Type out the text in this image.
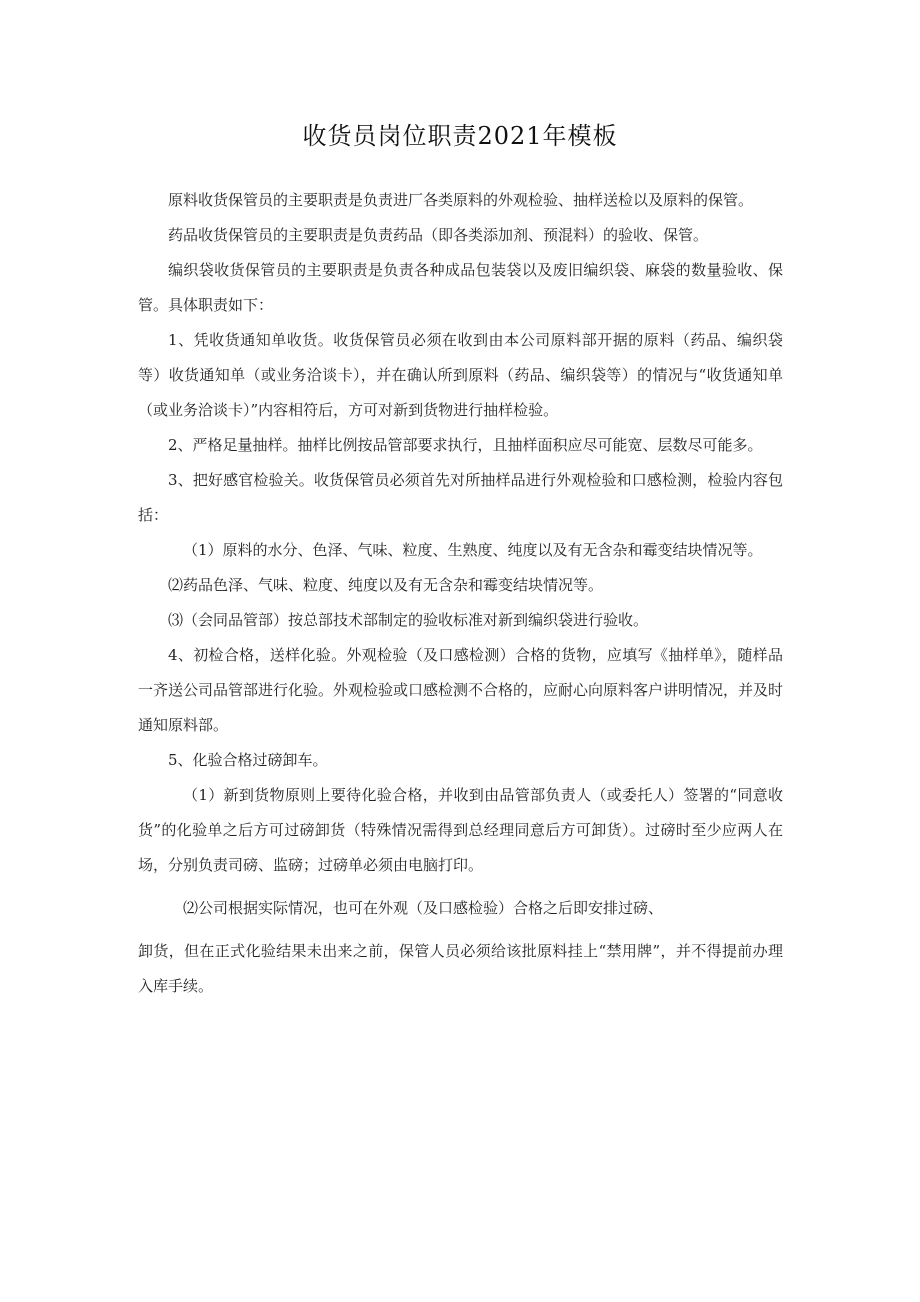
收货员岗位职责2021年模板

原料收货保管员的主要职责是负责进厂各类原料的外观检验、抽样送检以及原料的保管。

药品收货保管员的主要职责是负责药品（即各类添加剂、预混料）的验收、保管。

编织袋收货保管员的主要职责是负责各种成品包装袋以及废旧编织袋、麻袋的数量验收、保管。具体职责如下：

1、凭收货通知单收货。收货保管员必须在收到由本公司原料部开据的原料（药品、编织袋等）收货通知单（或业务洽谈卡），并在确认所到原料（药品、编织袋等）的情况与“收货通知单（或业务洽谈卡）”内容相符后，方可对新到货物进行抽样检验。

2、严格足量抽样。抽样比例按品管部要求执行，且抽样面积应尽可能宽、层数尽可能多。

3、把好感官检验关。收货保管员必须首先对所抽样品进行外观检验和口感检测，检验内容包括：

（1）原料的水分、色泽、气味、粒度、生熟度、纯度以及有无含杂和霉变结块情况等。

⑵药品色泽、气味、粒度、纯度以及有无含杂和霉变结块情况等。

⑶（会同品管部）按总部技术部制定的验收标准对新到编织袋进行验收。

4、初检合格，送样化验。外观检验（及口感检测）合格的货物，应填写《抽样单》，随样品一齐送公司品管部进行化验。外观检验或口感检测不合格的，应耐心向原料客户讲明情况，并及时通知原料部。

5、化验合格过磅卸车。

（1）新到货物原则上要待化验合格，并收到由品管部负责人（或委托人）签署的“同意收货”的化验单之后方可过磅卸货（特殊情况需得到总经理同意后方可卸货）。过磅时至少应两人在场，分别负责司磅、监磅；过磅单必须由电脑打印。

⑵公司根据实际情况，也可在外观（及口感检验）合格之后即安排过磅、

卸货，但在正式化验结果未出来之前，保管人员必须给该批原料挂上“禁用牌”，并不得提前办理入库手续。
